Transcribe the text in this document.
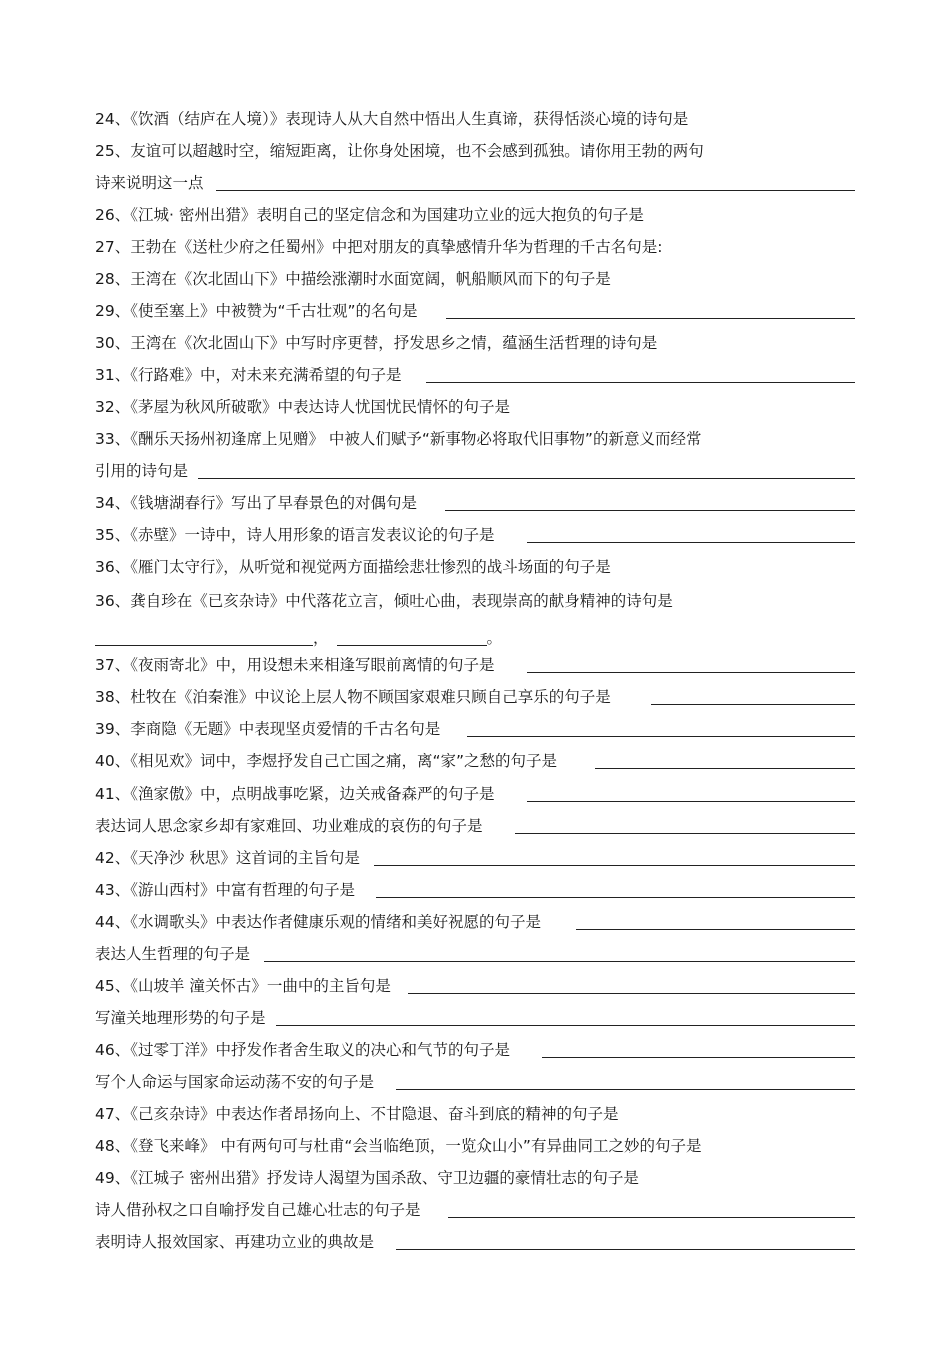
24、《饮酒（结庐在人境）》表现诗人从大自然中悟出人生真谛，获得恬淡心境的诗句是
25、友谊可以超越时空，缩短距离，让你身处困境，也不会感到孤独。请你用王勃的两句
诗来说明这一点
26、《江城· 密州出猎》表明自己的坚定信念和为国建功立业的远大抱负的句子是
27、王勃在《送杜少府之任蜀州》中把对朋友的真挚感情升华为哲理的千古名句是:
28、王湾在《次北固山下》中描绘涨潮时水面宽阔，帆船顺风而下的句子是
29、《使至塞上》中被赞为“千古壮观”的名句是
30、王湾在《次北固山下》中写时序更替，抒发思乡之情，蕴涵生活哲理的诗句是
31、《行路难》中，对未来充满希望的句子是
32、《茅屋为秋风所破歌》中表达诗人忧国忧民情怀的句子是
33、《酬乐天扬州初逢席上见赠》 中被人们赋予“新事物必将取代旧事物”的新意义而经常
引用的诗句是
34、《钱塘湖春行》写出了早春景色的对偶句是
35、《赤壁》一诗中，诗人用形象的语言发表议论的句子是
36、《雁门太守行》，从听觉和视觉两方面描绘悲壮惨烈的战斗场面的句子是
36、龚自珍在《已亥杂诗》中代落花立言，倾吐心曲，表现崇高的献身精神的诗句是
，	。
37、《夜雨寄北》中，用设想未来相逢写眼前离情的句子是
38、杜牧在《泊秦淮》中议论上层人物不顾国家艰难只顾自己享乐的句子是
39、李商隐《无题》中表现坚贞爱情的千古名句是
40、《相见欢》词中，李煜抒发自己亡国之痛，离“家”之愁的句子是
41、《渔家傲》中，点明战事吃紧，边关戒备森严的句子是
表达词人思念家乡却有家难回、功业难成的哀伤的句子是
42、《天净沙 秋思》这首词的主旨句是
43、《游山西村》中富有哲理的句子是
44、《水调歌头》中表达作者健康乐观的情绪和美好祝愿的句子是
表达人生哲理的句子是
45、《山坡羊 潼关怀古》一曲中的主旨句是
写潼关地理形势的句子是
46、《过零丁洋》中抒发作者舍生取义的决心和气节的句子是
写个人命运与国家命运动荡不安的句子是
47、《己亥杂诗》中表达作者昂扬向上、不甘隐退、奋斗到底的精神的句子是
48、《登飞来峰》 中有两句可与杜甫“会当临绝顶，一览众山小”有异曲同工之妙的句子是
49、《江城子 密州出猎》抒发诗人渴望为国杀敌、守卫边疆的豪情壮志的句子是
诗人借孙权之口自喻抒发自己雄心壮志的句子是
表明诗人报效国家、再建功立业的典故是
